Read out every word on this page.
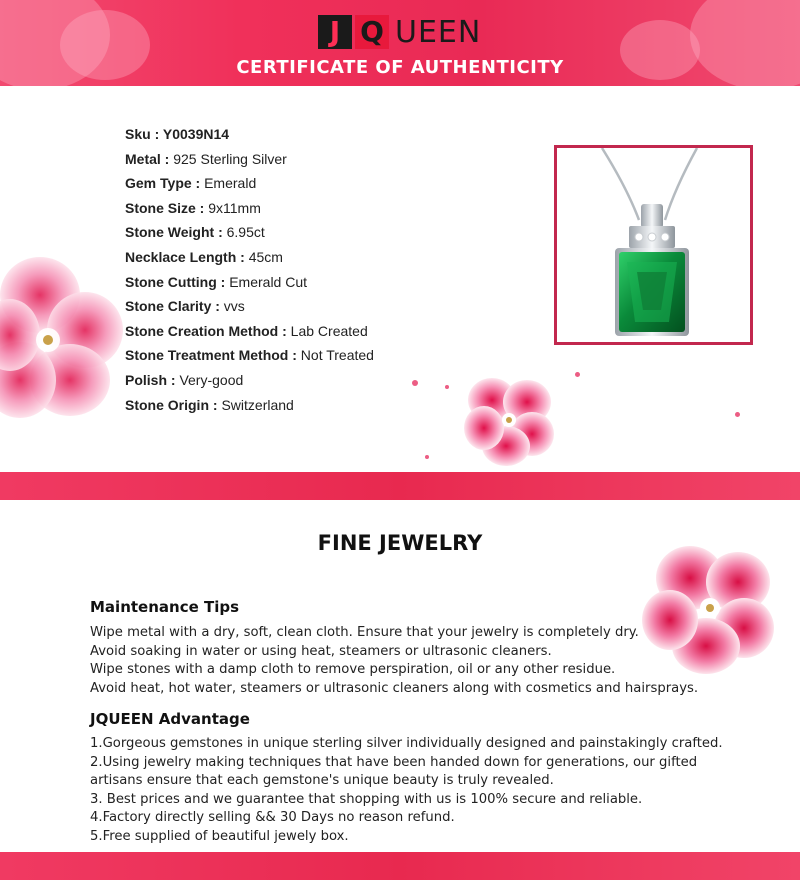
J Q UEEN
CERTIFICATE OF AUTHENTICITY
Sku : Y0039N14
Metal : 925 Sterling Silver
Gem Type : Emerald
Stone Size : 9x11mm
Stone Weight : 6.95ct
Necklace Length : 45cm
Stone Cutting : Emerald Cut
Stone Clarity : vvs
Stone Creation Method : Lab Created
Stone Treatment Method : Not Treated
Polish : Very-good
Stone Origin : Switzerland
FINE JEWELRY
Maintenance Tips
Wipe metal with a dry, soft, clean cloth. Ensure that your jewelry is completely dry.
Avoid soaking in water or using heat, steamers or ultrasonic cleaners.
Wipe stones with a damp cloth to remove perspiration, oil or any other residue.
Avoid heat, hot water, steamers or ultrasonic cleaners along with cosmetics and hairsprays.
JQUEEN Advantage
1.Gorgeous gemstones in unique sterling silver individually designed and painstakingly crafted.
2.Using jewelry making techniques that have been handed down for generations, our gifted
artisans ensure that each gemstone's unique beauty is truly revealed.
3. Best prices and we guarantee that shopping with us is 100% secure and reliable.
4.Factory directly selling && 30 Days no reason refund.
5.Free supplied of beautiful jewely box.
